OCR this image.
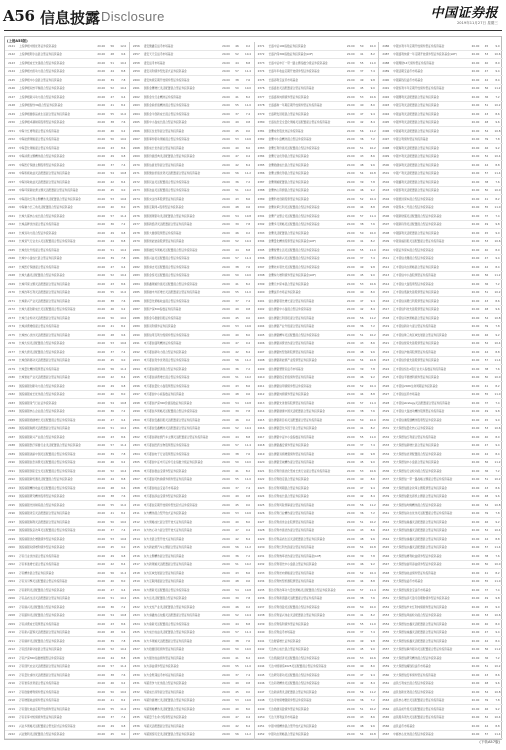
A56 信息披露 Disclosure	中国证券报
2019年11月27日 星期三
(上接A55版)
2141	上投摩根中国优势证券投资基金	20.00	56	12.0
2142	上投摩根阿尔法混合型证券投资基金	20.00	48	9.6
2143	上投摩根成长先锋混合型证券投资基金	20.00	51	10.2
2144	上投摩根内需动力混合型证券投资基金	20.00	44	8.8
2145	上投摩根中小盘混合型证券投资基金	20.00	39	7.8
2146	上投摩根双核平衡混合型证券投资基金	20.00	52	10.4
2147	上投摩根新兴动力混合型证券投资基金	20.00	47	9.4
2148	上投摩根智选30混合型证券投资基金	20.00	41	8.2
2149	上投摩根健康品质生活混合型证券投资基金	20.00	55	11.0
2150	上投摩根卓越制造股票型证券投资基金	20.00	38	7.6
2151	中海分红增利混合型证券投资基金	20.00	46	9.2
2152	中海能源策略混合型证券投资基金	20.00	50	10.0
2153	中海量化策略混合型证券投资基金	20.00	43	8.6
2154	中海消费主题精选混合型证券投资基金	20.00	49	9.8
2155	中海医疗保健主题股票型证券投资基金	20.00	37	7.4
2156	中海积极收益灵活配置混合型证券投资基金	20.00	54	10.8
2157	中海进取收益灵活配置混合型证券投资基金	20.00	42	8.4
2158	中海环保新能源主题灵活配置混合型证券投资基金	20.00	45	9.0
2159	中海混改红利主题精选灵活配置混合型证券投资基金	20.00	53	10.6
2160	中海魅力长三角灵活配置混合型证券投资基金	20.00	40	8.0
2161	长城久富核心成长混合型证券投资基金	20.00	57	11.4
2162	长城品牌优选混合型证券投资基金	20.00	36	7.2
2163	长城双动力混合型证券投资基金	20.00	49	9.8
2164	长城景气行业龙头灵活配置混合型证券投资基金	20.00	44	8.8
2165	长城优化升级混合型证券投资基金	20.00	51	10.2
2166	长城中小盘成长混合型证券投资基金	20.00	39	7.8
2167	长城医疗保健混合型证券投资基金	20.00	47	9.4
2168	长城久鑫灵活配置混合型证券投资基金	20.00	52	10.4
2169	长城环保主题灵活配置混合型证券投资基金	20.00	43	8.6
2170	长城改革红利灵活配置混合型证券投资基金	20.00	55	11.0
2171	长城新兴产业灵活配置混合型证券投资基金	20.00	38	7.6
2172	长城久嘉创新成长灵活配置混合型证券投资基金	20.00	46	9.2
2173	长城行业轮动灵活配置混合型证券投资基金	20.00	50	10.0
2174	长城消费增值混合型证券投资基金	20.00	41	8.2
2175	长城核心优选灵活配置混合型证券投资基金	20.00	48	9.6
2176	长城久恒灵活配置混合型证券投资基金	20.00	53	10.6
2177	长城久源灵活配置混合型证券投资基金	20.00	37	7.4
2178	长城创新驱动灵活配置混合型证券投资基金	20.00	45	9.0
2179	长城量化精选股票型证券投资基金	20.00	56	11.2
2180	长城智能产业灵活配置混合型证券投资基金	20.00	42	8.4
2181	国投瑞银创新动力混合型证券投资基金	20.00	49	9.8
2182	国投瑞银成长优选混合型证券投资基金	20.00	40	8.0
2183	国投瑞银景气行业证券投资基金	20.00	54	10.8
2184	国投瑞银核心企业混合型证券投资基金	20.00	36	7.2
2185	国投瑞银稳健增长灵活配置混合型证券投资基金	20.00	47	9.4
2186	国投瑞银瑞源灵活配置混合型证券投资基金	20.00	51	10.2
2187	国投瑞银新兴产业混合型证券投资基金	20.00	43	8.6
2188	国投瑞银医疗保健行业灵活配置混合型证券投资基金	20.00	57	11.4
2189	国投瑞银美丽中国灵活配置混合型证券投资基金	20.00	39	7.8
2190	国投瑞银信息消费灵活配置混合型证券投资基金	20.00	46	9.2
2191	国投瑞银国家安全灵活配置混合型证券投资基金	20.00	52	10.4
2192	国投瑞银新机遇灵活配置混合型证券投资基金	20.00	44	8.8
2193	国投瑞银精选收益灵活配置混合型证券投资基金	20.00	48	9.6
2194	国投瑞银研究精选股票型证券投资基金	20.00	38	7.6
2195	国投瑞银先进制造混合型证券投资基金	20.00	55	11.0
2196	国投瑞银进宝灵活配置混合型证券投资基金	20.00	41	8.2
2197	国投瑞银瑞利灵活配置混合型证券投资基金	20.00	50	10.0
2198	国投瑞银锐意改革灵活配置混合型证券投资基金	20.00	37	7.4
2199	国投瑞银优化增强债券型证券投资基金	20.00	53	10.6
2200	国投瑞银双债增利债券型证券投资基金	20.00	45	9.0
2201	万家行业优选混合型证券投资基金	20.00	49	9.8
2202	万家和谐增长混合型证券投资基金	20.00	42	8.4
2203	万家精选混合型证券投资基金	20.00	56	11.2
2204	万家双引擎灵活配置混合型证券投资基金	20.00	40	8.0
2205	万家新利灵活配置混合型证券投资基金	20.00	47	9.4
2206	万家品质生活灵活配置混合型证券投资基金	20.00	51	10.2
2207	万家瑞兴灵活配置混合型证券投资基金	20.00	36	7.2
2208	万家颐和灵活配置混合型证券投资基金	20.00	54	10.8
2209	万家消费成长股票型证券投资基金	20.00	43	8.6
2210	万家新兴蓝筹灵活配置混合型证券投资基金	20.00	48	9.6
2211	万家瑞祥灵活配置混合型证券投资基金	20.00	39	7.8
2212	万家经济新动能混合型证券投资基金	20.00	52	10.4
2213	万家沪深300指数增强型证券投资基金	20.00	44	8.8
2214	万家现代农业灵活配置混合型证券投资基金	20.00	57	11.4
2215	万家量化睿选灵活配置混合型证券投资基金	20.00	38	7.6
2216	万家智造优势混合型证券投资基金	20.00	46	9.2
2217	万家稳健增利债券型证券投资基金	20.00	50	10.0
2218	万家增强收益债券型证券投资基金	20.00	41	8.2
2219	万家强化收益定期开放债券型证券投资基金	20.00	55	11.0
2220	万家家享中短债债券型证券投资基金	20.00	37	7.4
2221	兴业多策略灵活配置混合型发起式证券投资基金	20.00	49	9.8
2222	兴业聚利灵活配置混合型证券投资基金	20.00	45	9.0
2256	诺安聚鑫宝货币市场基金	20.00	46	9.2
2257	诺安天天宝货币市场基金	20.00	52	10.4
2258	诺安货币市场基金	20.00	44	8.8
2259	诺安双利债券型发起式证券投资基金	20.00	57	11.4
2260	诺安纯债定期开放债券型证券投资基金	20.00	38	7.6
2261	国泰金鹰增长灵活配置混合型证券投资基金	20.00	50	10.0
2262	国泰金龙行业精选证券投资基金	20.00	41	8.2
2263	国泰金鼎价值精选混合型证券投资基金	20.00	55	11.0
2264	国泰金牛创新成长混合型证券投资基金	20.00	37	7.4
2265	国泰中小盘成长混合型证券投资基金	20.00	49	9.8
2266	国泰区位优势混合型证券投资基金	20.00	45	9.0
2267	国泰事件驱动策略混合型证券投资基金	20.00	53	10.6
2268	国泰成长优选混合型证券投资基金	20.00	40	8.0
2269	国泰价值经典灵活配置混合型证券投资基金	20.00	47	9.4
2270	国泰估值优势混合型证券投资基金	20.00	42	8.4
2271	国泰聚信价值优势灵活配置混合型证券投资基金	20.00	56	11.2
2272	国泰民益灵活配置混合型证券投资基金	20.00	36	7.2
2273	国泰浓益灵活配置混合型证券投资基金	20.00	51	10.2
2274	国泰央企改革股票型证券投资基金	20.00	43	8.6
2275	国泰互联网+股票型证券投资基金	20.00	48	9.6
2276	国泰国策驱动灵活配置混合型证券投资基金	20.00	54	10.8
2277	国泰新经济灵活配置混合型证券投资基金	20.00	39	7.8
2278	国泰大健康股票型证券投资基金	20.00	46	9.2
2279	国泰智能装备股票型证券投资基金	20.00	52	10.4
2280	国泰融安多策略灵活配置混合型证券投资基金	20.00	44	8.8
2281	国泰兴益灵活配置混合型证券投资基金	20.00	57	11.4
2282	国泰睿吉灵活配置混合型证券投资基金	20.00	38	7.6
2283	国泰金泰灵活配置混合型证券投资基金	20.00	50	10.0
2284	国泰鑫策略价值灵活配置混合型证券投资基金	20.00	41	8.2
2285	国泰融丰外延增长灵活配置混合型证券投资基金	20.00	55	11.0
2286	国泰量化策略收益混合型证券投资基金	20.00	37	7.4
2287	国泰沪深300指数证券投资基金	20.00	49	9.8
2288	国泰金马稳健回报证券投资基金	20.00	45	9.0
2289	国泰双利债券证券投资基金	20.00	53	10.6
2290	国泰信用互利分级债券型证券投资基金	20.00	40	8.0
2291	申万菱信盛利精选证券投资基金	20.00	47	9.4
2292	申万菱信新动力混合型证券投资基金	20.00	42	8.4
2293	申万菱信竞争优势混合型证券投资基金	20.00	56	11.2
2294	申万菱信新经济混合型证券投资基金	20.00	36	7.2
2295	申万菱信消费增长混合型证券投资基金	20.00	51	10.2
2296	申万菱信量化小盘股票型证券投资基金	20.00	43	8.6
2297	申万菱信中小板指数证券投资基金	20.00	48	9.6
2298	申万菱信沪深300价值指数证券投资基金	20.00	54	10.8
2299	申万菱信多策略灵活配置混合型证券投资基金	20.00	39	7.8
2300	申万菱信安鑫回报灵活配置混合型证券投资基金	20.00	46	9.2
2301	申万菱信安鑫精选灵活配置混合型证券投资基金	20.00	52	10.4
2302	申万菱信新能源汽车主题灵活配置混合型证券投资基金	20.00	44	8.8
2303	申万菱信医药生物股票型证券投资基金	20.00	57	11.4
2304	申万菱信电子行业股票型证券投资基金	20.00	38	7.6
2305	申万菱信中证申万证券行业指数分级证券投资基金	20.00	50	10.0
2306	申万菱信稳益宝债券型证券投资基金	20.00	41	8.2
2307	申万菱信可转换债券债券型证券投资基金	20.00	55	11.0
2308	申万菱信收益宝货币市场基金	20.00	37	7.4
2309	申万菱信添益宝债券型证券投资基金	20.00	49	9.8
2310	申万菱信定期开放债券型发起式证券投资基金	20.00	45	9.0
2311	东方精选混合型开放式证券投资基金	20.00	53	10.6
2312	东方策略成长混合型开放式证券投资基金	20.00	40	8.0
2313	东方核心动力混合型开放式证券投资基金	20.00	47	9.4
2314	东方龙混合型开放式证券投资基金	20.00	42	8.4
2315	东方新能源汽车主题混合型证券投资基金	20.00	56	11.2
2316	东方主题精选混合型证券投资基金	20.00	36	7.2
2317	东方新策略灵活配置混合型证券投资基金	20.00	51	10.2
2318	东方区域发展混合型证券投资基金	20.00	43	8.6
2319	东方互联网嘉混合型证券投资基金	20.00	48	9.6
2320	东方惠新灵活配置混合型证券投资基金	20.00	54	10.8
2321	东方岳灵活配置混合型证券投资基金	20.00	39	7.8
2322	东方支柱产业灵活配置混合型证券投资基金	20.00	46	9.2
2323	东方睿鑫热点挖掘灵活配置混合型证券投资基金	20.00	52	10.4
2324	东方鼎新灵活配置混合型证券投资基金	20.00	44	8.8
2325	东方成长收益灵活配置混合型证券投资基金	20.00	57	11.4
2326	东方多策略灵活配置混合型证券投资基金	20.00	38	7.6
2327	东方稳健回报债券型证券投资基金	20.00	50	10.0
2328	东方强化收益债券型证券投资基金	20.00	41	8.2
2329	东方添益债券型证券投资基金	20.00	55	11.0
2330	东方金账簿货币市场证券投资基金	20.00	37	7.4
2331	华富竞争力优选混合型证券投资基金	20.00	49	9.8
2332	华富成长趋势混合型证券投资基金	20.00	45	9.0
2333	华富价值增长灵活配置混合型证券投资基金	20.00	53	10.6
2334	华富策略精选灵活配置混合型证券投资基金	20.00	40	8.0
2335	华富量子生命力股票型证券投资基金	20.00	47	9.4
2336	华富灵活配置混合型证券投资基金	20.00	42	8.4
2337	华富国泰民安灵活配置混合型证券投资基金	20.00	56	11.2
2371	长盛中证100指数证券投资基金	20.00	50	10.0
2372	长盛沪深300指数证券投资基金(LOF)	20.00	41	8.2
2373	长盛中证申万一带一路主题指数分级证券投资基金	20.00	55	11.0
2374	长盛年年收益定期开放债券型证券投资基金	20.00	37	7.4
2375	长盛添利宝货币市场基金	20.00	49	9.8
2376	长盛盛世灵活配置混合型证券投资基金	20.00	45	9.0
2377	长盛盛和纯债债券型证券投资基金	20.00	53	10.6
2378	长盛盛琪一年期定期开放债券型证券投资基金	20.00	40	8.0
2379	长盛研发回报混合型证券投资基金	20.00	47	9.4
2380	长盛信息安全量化策略灵活配置混合型证券投资基金	20.00	42	8.4
2381	金鹰成份股优选证券投资基金	20.00	56	11.2
2382	金鹰中小盘精选混合型证券投资基金	20.00	36	7.2
2383	金鹰红利价值灵活配置混合型证券投资基金	20.00	51	10.2
2384	金鹰行业优势混合型证券投资基金	20.00	43	8.6
2385	金鹰稳健成长混合型证券投资基金	20.00	48	9.6
2386	金鹰主题优势混合型证券投资基金	20.00	54	10.8
2387	金鹰策略配置混合型证券投资基金	20.00	39	7.8
2388	金鹰核心资源混合型证券投资基金	20.00	46	9.2
2389	金鹰科技创新股票型证券投资基金	20.00	52	10.4
2390	金鹰改革红利灵活配置混合型证券投资基金	20.00	44	8.8
2391	金鹰产业整合灵活配置混合型证券投资基金	20.00	57	11.4
2392	金鹰多元策略灵活配置混合型证券投资基金	20.00	38	7.6
2393	金鹰灵活配置混合型证券投资基金	20.00	50	10.0
2394	金鹰量化精选股票型证券投资基金(LOF)	20.00	41	8.2
2395	金鹰智慧生活灵活配置混合型证券投资基金	20.00	55	11.0
2396	金鹰民族新兴灵活配置混合型证券投资基金	20.00	37	7.4
2397	金鹰技术领先灵活配置混合型证券投资基金	20.00	49	9.8
2398	金鹰持久增利债券型证券投资基金(LOF)	20.00	45	9.0
2399	金鹰元丰保本混合型证券投资基金	20.00	53	10.6
2400	金鹰货币市场证券投资基金	20.00	40	8.0
2401	信达澳银领先增长混合型证券投资基金	20.00	47	9.4
2402	信达澳银中小盘混合型证券投资基金	20.00	42	8.4
2403	信达澳银红利回报混合型证券投资基金	20.00	56	11.2
2404	信达澳银产业升级混合型证券投资基金	20.00	36	7.2
2405	信达澳银精华灵活配置混合型证券投资基金	20.00	51	10.2
2406	信达澳银消费优选混合型证券投资基金	20.00	43	8.6
2407	信达澳银转型创新股票型证券投资基金	20.00	48	9.6
2408	信达澳银新能源产业股票型证券投资基金	20.00	54	10.8
2409	信达澳银慧管家货币市场基金	20.00	39	7.8
2410	信达澳银稳定价值债券型证券投资基金	20.00	46	9.2
2411	信达澳银信用债债券型证券投资基金	20.00	52	10.4
2412	信达澳银纯债债券型证券投资基金	20.00	44	8.8
2413	信达澳银先进智造股票型证券投资基金	20.00	57	11.4
2414	信达澳银健康中国灵活配置混合型证券投资基金	20.00	38	7.6
2415	信达澳银新目标灵活配置混合型证券投资基金	20.00	50	10.0
2416	信达澳银量化多因子混合型证券投资基金	20.00	41	8.2
2417	信达澳银中证中小盘指数证券投资基金	20.00	55	11.0
2418	信达澳银鑫安债券型证券投资基金	20.00	37	7.4
2419	信达澳银双债增强债券型证券投资基金	20.00	49	9.8
2420	信达澳银至诚精选混合型证券投资基金	20.00	45	9.0
2421	泰达宏利价值优化型成长类行业混合型证券投资基金	20.00	53	10.6
2422	泰达宏利稳定混合型证券投资基金	20.00	40	8.0
2423	泰达宏利周期混合型证券投资基金	20.00	47	9.4
2424	泰达宏利成长混合型证券投资基金	20.00	42	8.4
2425	泰达宏利风险预算混合型证券投资基金	20.00	56	11.2
2426	泰达宏利行业精选混合型证券投资基金	20.00	36	7.2
2427	泰达宏利首选企业股票型证券投资基金	20.00	51	10.2
2428	泰达宏利市值优选混合型证券投资基金	20.00	43	8.6
2429	泰达宏利品质生活灵活配置混合型证券投资基金	20.00	48	9.6
2430	泰达宏利红利先锋混合型证券投资基金	20.00	54	10.8
2431	泰达宏利效率优选混合型证券投资基金(LOF)	20.00	39	7.8
2432	泰达宏利领先中小盘混合型证券投资基金	20.00	46	9.2
2433	泰达宏利逆向策略混合型证券投资基金	20.00	52	10.4
2434	泰达宏利转型机遇股票型证券投资基金	20.00	44	8.8
2435	泰达宏利改革动力量化策略灵活配置混合型证券投资基金	20.00	57	11.4
2436	泰达宏利新思路灵活配置混合型证券投资基金	20.00	38	7.6
2437	泰达宏利创盈灵活配置混合型证券投资基金	20.00	50	10.0
2438	泰达宏利复兴伟业灵活配置混合型证券投资基金	20.00	41	8.2
2439	泰达宏利集利债券型证券投资基金	20.00	55	11.0
2440	泰达宏利货币市场基金	20.00	37	7.4
2441	天治财富增长证券投资基金	20.00	49	9.8
2442	天治核心成长混合型证券投资基金	20.00	45	9.0
2443	天治低碳经济灵活配置混合型证券投资基金	20.00	53	10.6
2444	天治中国制造2025灵活配置混合型证券投资基金	20.00	40	8.0
2445	天治研究驱动灵活配置混合型证券投资基金	20.00	47	9.4
2446	天治趋势精选灵活配置混合型证券投资基金	20.00	42	8.4
2447	天治新消费灵活配置混合型证券投资基金	20.00	56	11.2
2448	天治可转债增强债券型证券投资基金	20.00	36	7.2
2449	天治稳健双盈债券型证券投资基金	20.00	51	10.2
2450	天治天得利货币市场基金	20.00	43	8.6
2451	中银中国精选混合型开放式证券投资基金	20.00	48	9.6
2452	中银动态策略混合型证券投资基金	20.00	54	10.8
2486	中银永利半年定期开放债券型证券投资基金	20.00	45	9.0
2487	中银盛利纯债一年定期开放债券型证券投资基金(LOF)	20.00	53	10.6
2488	中银理财14天债券型证券投资基金	20.00	40	8.0
2489	中银活期宝货币市场基金	20.00	47	9.4
2490	中银薪钱包货币市场基金	20.00	42	8.4
2491	中银恒利半年定期开放债券型证券投资基金	20.00	56	11.2
2492	中银腾利灵活配置混合型证券投资基金	20.00	36	7.2
2493	中银宝利灵活配置混合型证券投资基金	20.00	51	10.2
2494	中银益利灵活配置混合型证券投资基金	20.00	43	8.6
2495	中银珍利灵活配置混合型证券投资基金	20.00	48	9.6
2496	中银裕利灵活配置混合型证券投资基金	20.00	54	10.8
2497	中银合利债券型证券投资基金	20.00	39	7.8
2498	中银瑞利灵活配置混合型证券投资基金	20.00	46	9.2
2499	中银丰利灵活配置混合型证券投资基金	20.00	52	10.4
2500	中银润利灵活配置混合型证券投资基金	20.00	44	8.8
2501	中银广利灵活配置混合型证券投资基金	20.00	57	11.4
2502	中银鑫利灵活配置混合型证券投资基金	20.00	38	7.6
2503	中银泰利灵活配置混合型证券投资基金	20.00	50	10.0
2504	中银稳进保本混合型证券投资基金	20.00	41	8.2
2505	中银保本二号混合型证券投资基金	20.00	55	11.0
2506	中银新财富灵活配置混合型证券投资基金	20.00	37	7.4
2507	中银新趋势灵活配置混合型证券投资基金	20.00	49	9.8
2508	中银颐利灵活配置混合型证券投资基金	20.00	45	9.0
2509	中银景福回报灵活配置混合型证券投资基金	20.00	53	10.6
2510	中银证券保本混合型证券投资基金	20.00	40	8.0
2511	汇丰晋信龙腾混合型证券投资基金	20.00	47	9.4
2512	汇丰晋信动态策略混合型证券投资基金	20.00	42	8.4
2513	汇丰晋信中小盘股票型证券投资基金	20.00	56	11.2
2514	汇丰晋信大盘股票型证券投资基金	20.00	36	7.2
2515	汇丰晋信低碳先锋股票型证券投资基金	20.00	51	10.2
2516	汇丰晋信消费红利股票型证券投资基金	20.00	43	8.6
2517	汇丰晋信科技先锋股票型证券投资基金	20.00	48	9.6
2518	汇丰晋信双核策略混合型证券投资基金	20.00	54	10.8
2519	汇丰晋信新动力混合型证券投资基金	20.00	39	7.8
2520	汇丰晋信珠三角区域发展混合型证券投资基金	20.00	46	9.2
2521	汇丰晋信智造先锋股票型证券投资基金	20.00	52	10.4
2522	汇丰晋信沪港深股票型证券投资基金	20.00	44	8.8
2523	汇丰晋信价值先锋股票型证券投资基金	20.00	57	11.4
2524	汇丰晋信恒生A股行业龙头指数证券投资基金	20.00	38	7.6
2525	汇丰晋信平稳增利债券型证券投资基金	20.00	50	10.0
2526	汇丰晋信2026生命周期证券投资基金	20.00	41	8.2
2527	汇丰晋信货币市场基金	20.00	55	11.0
2528	汇丰晋信strategy灵活配置混合型证券投资基金	20.00	37	7.4
2529	汇丰晋信大盘波动精选股票型证券投资基金	20.00	49	9.8
2530	汇丰晋信港股通精选股票型证券投资基金	20.00	45	9.0
2531	光大保德信量化核心证券投资基金	20.00	53	10.6
2532	光大保德信红利混合型证券投资基金	20.00	40	8.0
2533	光大保德信新增长混合型证券投资基金	20.00	47	9.4
2534	光大保德信优势配置混合型证券投资基金	20.00	42	8.4
2535	光大保德信中小盘混合型证券投资基金	20.00	56	11.2
2536	光大保德信行业轮动混合型证券投资基金	20.00	36	7.2
2537	光大保德信一带一路战略主题混合型证券投资基金	20.00	51	10.2
2538	光大保德信国企改革主题股票型证券投资基金	20.00	43	8.6
2539	光大保德信银发商机主题混合型证券投资基金	20.00	48	9.6
2540	光大保德信均衡精选混合型证券投资基金	20.00	54	10.8
2541	光大保德信动态优选灵活配置混合型证券投资基金	20.00	39	7.8
2542	光大保德信鼎鑫灵活配置混合型证券投资基金	20.00	46	9.2
2543	光大保德信欣鑫灵活配置混合型证券投资基金	20.00	52	10.4
2544	光大保德信睿鑫灵活配置混合型证券投资基金	20.00	44	8.8
2545	光大保德信永鑫灵活配置混合型证券投资基金	20.00	57	11.4
2546	光大保德信增利收益债券型证券投资基金	20.00	38	7.6
2547	光大保德信信用添益债券型证券投资基金	20.00	50	10.0
2548	光大保德信收益债券型证券投资基金	20.00	41	8.2
2549	光大保德信货币市场基金	20.00	55	11.0
2550	光大保德信现金宝货币市场基金	20.00	37	7.4
2551	光大保德信添天盈月度理财债券型证券投资基金	20.00	49	9.8
2552	光大保德信岁末红利纯债债券型证券投资基金	20.00	45	9.0
2553	光大保德信风格轮动混合型证券投资基金	20.00	53	10.6
2554	光大保德信吉鑫灵活配置混合型证券投资基金	20.00	40	8.0
2555	光大保德信诚鑫灵活配置混合型证券投资基金	20.00	47	9.4
2556	光大保德信恒鑫灵活配置混合型证券投资基金	20.00	42	8.4
2557	光大保德信事件驱动灵活配置混合型证券投资基金	20.00	56	11.2
2558	光大保德信研究精选混合型证券投资基金	20.00	36	7.2
2559	光大保德信耀钱包货币市场基金	20.00	51	10.2
2560	光大保德信安和债券型证券投资基金	20.00	43	8.6
2561	益民红利成长混合型证券投资基金	20.00	48	9.6
2562	益民创新优势混合型证券投资基金	20.00	54	10.8
2563	益民核心增长灵活配置混合型证券投资基金	20.00	39	7.8
2564	益民品质升级灵活配置混合型证券投资基金	20.00	46	9.2
2565	益民服务领先灵活配置混合型证券投资基金	20.00	52	10.4
2566	益民货币市场基金	20.00	44	8.8
2567	中邮核心优选混合型证券投资基金	20.00	57	11.4
(下转A57版)
